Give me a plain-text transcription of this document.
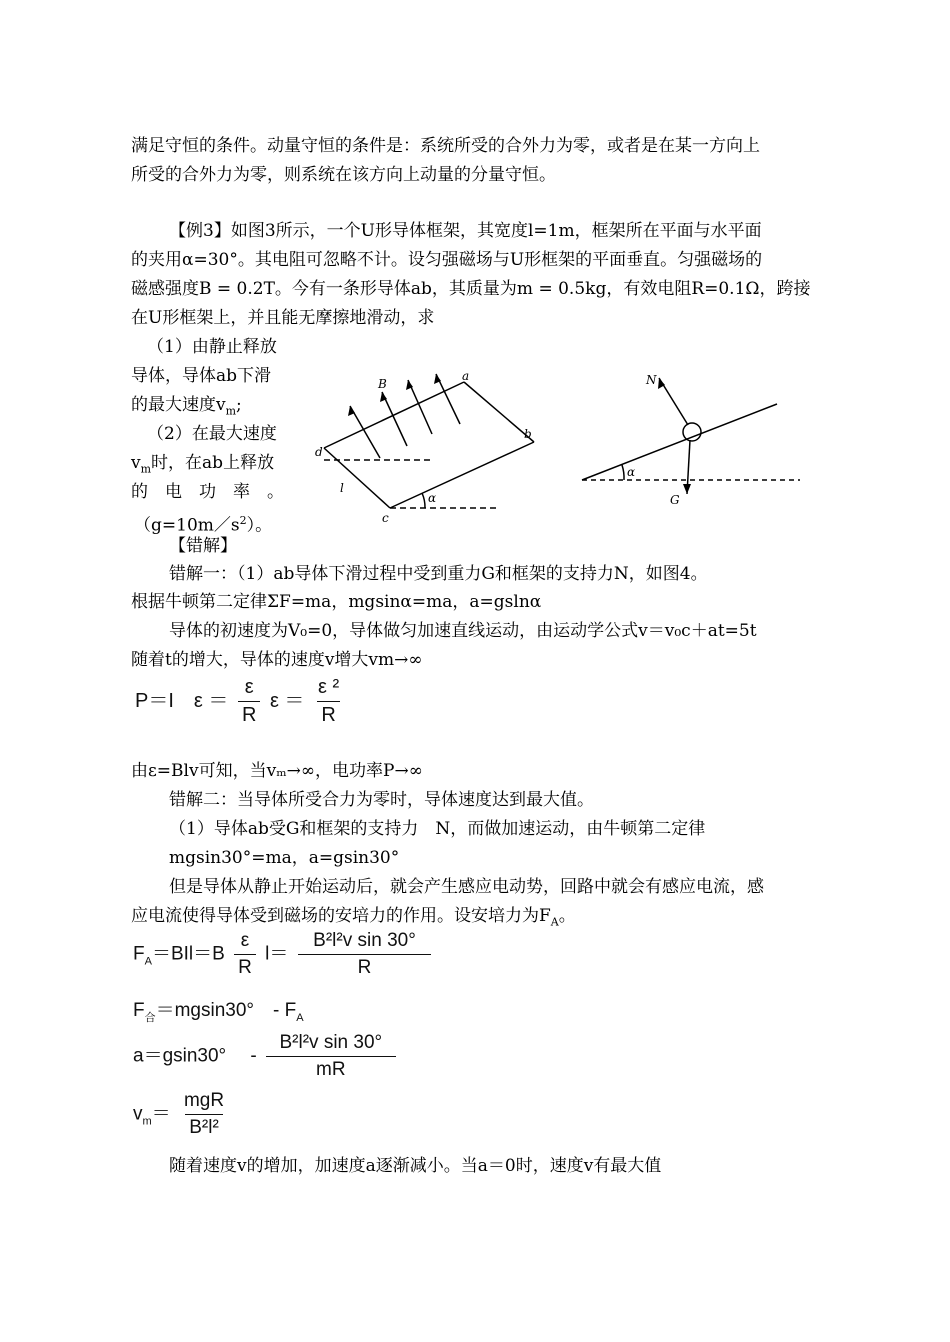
满足守恒的条件。动量守恒的条件是：系统所受的合外力为零，或者是在某一方向上
所受的合外力为零，则系统在该方向上动量的分量守恒。
【例3】如图3所示，一个U形导体框架，其宽度l=1m，框架所在平面与水平面
的夹用α=30°。其电阻可忽略不计。设匀强磁场与U形框架的平面垂直。匀强磁场的
磁感强度B = 0.2T。今有一条形导体ab，其质量为m = 0.5kg，有效电阻R=0.1Ω，跨接
在U形框架上，并且能无摩擦地滑动，求
（1）由静止释放
导体，导体ab下滑
的最大速度$v_m$;
（2）在最大速度
$v_m$时，在ab上释放
的　电　功　率　。
$(g=10m/s^2)$。
B
a
b
d
c
l
α
N
α
G
【错解】
错解一：（1）ab导体下滑过程中受到重力G和框架的支持力N，如图4。
根据牛顿第二定律ΣF=ma，mgsinα=ma，a=gslnα
导体的初速度为V₀=0，导体做匀加速直线运动，由运动学公式v＝v₀c＋at=5t
随着t的增大，导体的速度v增大vm→∞
P＝I　$\varepsilon = \frac{\varepsilon}{R}$ $\varepsilon = \frac{\text{ε ²}}{R}$
由ε=Blv可知，当vₘ→∞，电功率P→∞
错解二：当导体所受合力为零时，导体速度达到最大值。
（1）导体ab受G和框架的支持力　N，而做加速运动，由牛顿第二定律
mgsin30°=ma，a=gsin30°
但是导体从静止开始运动后，就会产生感应电动势，回路中就会有感应电流，感
应电流使得导体受到磁场的安培力的作用。设安培力为$F_A$。
$F_A=BIl=B \frac{\varepsilon}{R} l= \frac{\text{B²l²v sin 30°}}{R}$
$F_合=mgsin30^\circ$　- $F_A$
a＝gsin30°　 - $\frac{\text{B²l²v sin 30°}}{mR}$
$v_m= \frac{\text{mgR}}{\text{B²l²}}$
随着速度v的增加，加速度a逐渐减小。当a＝0时，速度v有最大值
